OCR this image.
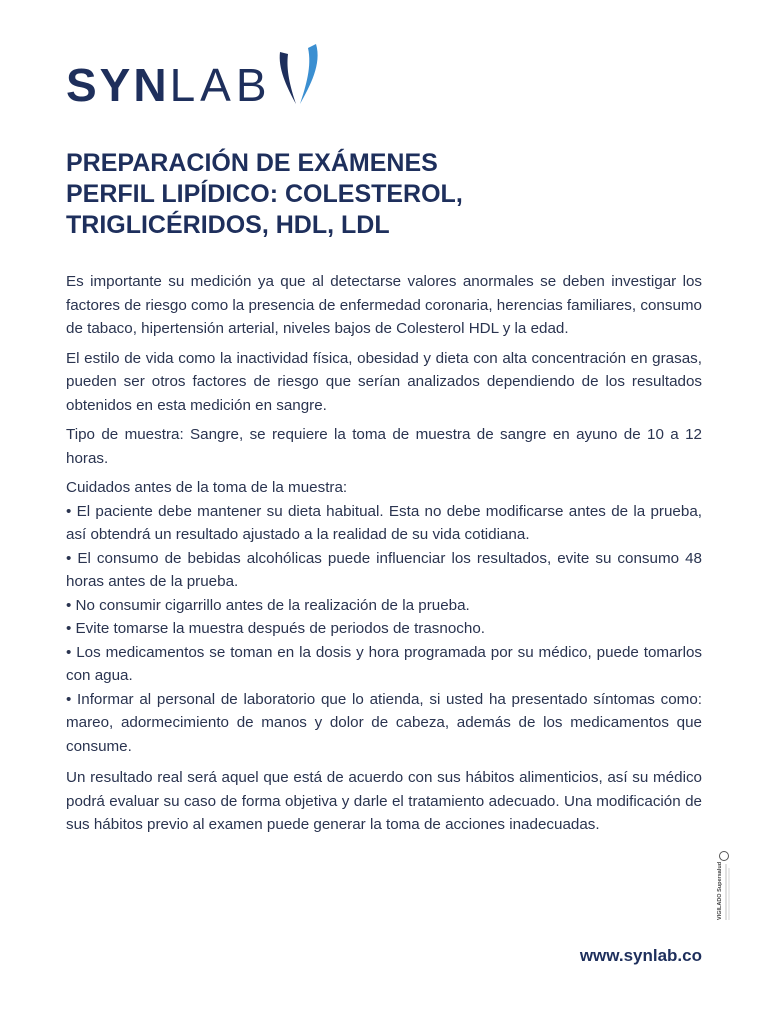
SYNLAB
PREPARACIÓN DE EXÁMENES
PERFIL LIPÍDICO: COLESTEROL,
TRIGLICÉRIDOS, HDL, LDL

Es importante su medición ya que al detectarse valores anormales se deben investigar los factores de riesgo como la presencia de enfermedad coronaria, herencias familiares, consumo de tabaco, hipertensión arterial, niveles bajos de Colesterol HDL y la edad.

El estilo de vida como la inactividad física, obesidad y dieta con alta concentración en grasas, pueden ser otros factores de riesgo que serían analizados dependiendo de los resultados obtenidos en esta medición en sangre.

Tipo de muestra: Sangre, se requiere la toma de muestra de sangre en ayuno de 10 a 12 horas.

Cuidados antes de la toma de la muestra:
• El paciente debe mantener su dieta habitual. Esta no debe modificarse antes de la prueba, así obtendrá un resultado ajustado a la realidad de su vida cotidiana.
• El consumo de bebidas alcohólicas puede influenciar los resultados, evite su consumo 48 horas antes de la prueba.
• No consumir cigarrillo antes de la realización de la prueba.
• Evite tomarse la muestra después de periodos de trasnocho.
• Los medicamentos se toman en la dosis y hora programada por su médico, puede tomarlos con agua.
• Informar al personal de laboratorio que lo atienda, si usted ha presentado síntomas como: mareo, adormecimiento de manos y dolor de cabeza, además de los medicamentos que consume.

Un resultado real será aquel que está de acuerdo con sus hábitos alimenticios, así su médico podrá evaluar su caso de forma objetiva y darle el tratamiento adecuado. Una modificación de sus hábitos previo al examen puede generar la toma de acciones inadecuadas.

VIGILADO Supersalud
www.synlab.co
